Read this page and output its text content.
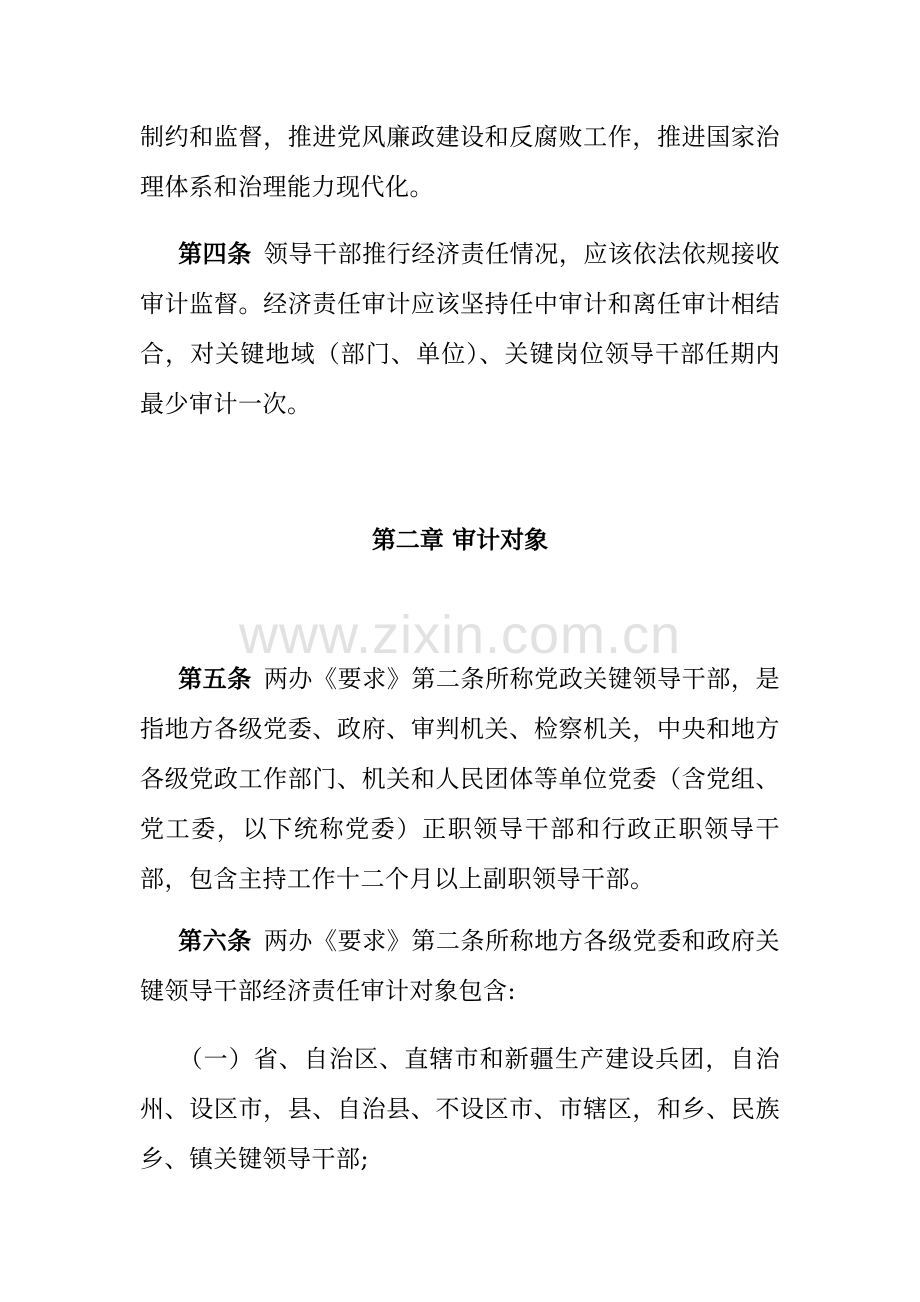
制约和监督，推进党风廉政建设和反腐败工作，推进国家治理体系和治理能力现代化。

第四条 领导干部推行经济责任情况，应该依法依规接收审计监督。经济责任审计应该坚持任中审计和离任审计相结合，对关键地域（部门、单位）、关键岗位领导干部任期内最少审计一次。

第二章 审计对象
www.zixin.com.cn

第五条 两办《要求》第二条所称党政关键领导干部，是指地方各级党委、政府、审判机关、检察机关，中央和地方各级党政工作部门、机关和人民团体等单位党委（含党组、党工委，以下统称党委）正职领导干部和行政正职领导干部，包含主持工作十二个月以上副职领导干部。

第六条 两办《要求》第二条所称地方各级党委和政府关键领导干部经济责任审计对象包含:

（一）省、自治区、直辖市和新疆生产建设兵团，自治州、设区市，县、自治县、不设区市、市辖区，和乡、民族乡、镇关键领导干部;
